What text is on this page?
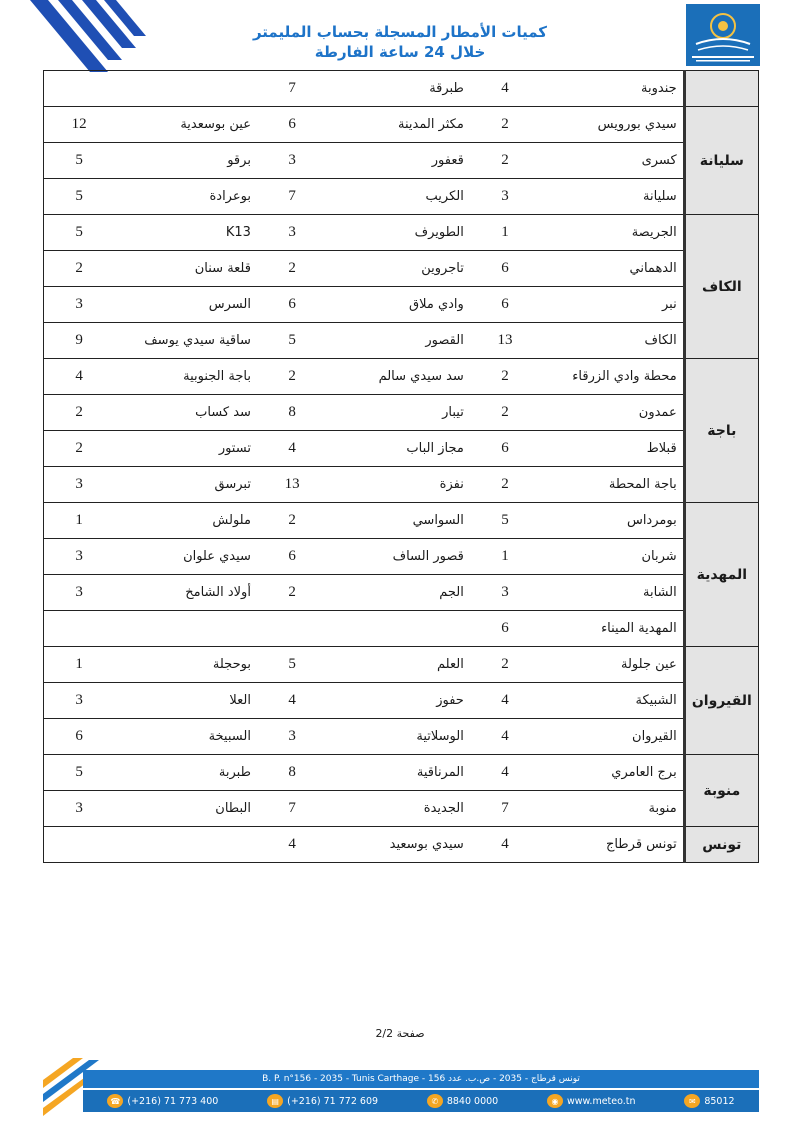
كميات الأمطار المسجلة بحساب المليمتر
خلال 24 ساعة الفارطة
	جندوبة	4	طبرقة	7		
سليانة	سيدي بورويس	2	مكثر المدينة	6	عين بوسعدية	12
	كسرى	2	قعفور	3	برقو	5
	سليانة	3	الكريب	7	بوعرادة	5
الكاف	الجريصة	1	الطويرف	3	K13	5
	الدهماني	6	تاجروين	2	قلعة سنان	2
	نبر	6	وادي ملاق	6	السرس	3
	الكاف	13	القصور	5	ساقية سيدي يوسف	9
باجة	محطة وادي الزرقاء	2	سد سيدي سالم	2	باجة الجنوبية	4
	عمدون	2	تيبار	8	سد كساب	2
	قبلاط	6	مجاز الباب	4	تستور	2
	باجة المحطة	2	نفزة	13	تبرسق	3
المهدية	بومرداس	5	السواسي	2	ملولش	1
	شربان	1	قصور الساف	6	سيدي علوان	3
	الشابة	3	الجم	2	أولاد الشامخ	3
	المهدية الميناء	6				
القيروان	عين جلولة	2	العلم	5	بوحجلة	1
	الشبيكة	4	حفوز	4	العلا	3
	القيروان	4	الوسلاتية	3	السبيخة	6
منوبة	برج العامري	4	المرناقية	8	طبربة	5
	منوبة	7	الجديدة	7	البطان	3
تونس	تونس قرطاج	4	سيدي بوسعيد	4		
صفحة 2/2
B. P. n°156 - 2035 - Tunis Carthage - تونس قرطاج - 2035 - ص.ب. عدد 156
☎ (+216) 71 773 400	▤ (+216) 71 772 609	✆ 8840 0000	◉ www.meteo.tn	✉ 85012
